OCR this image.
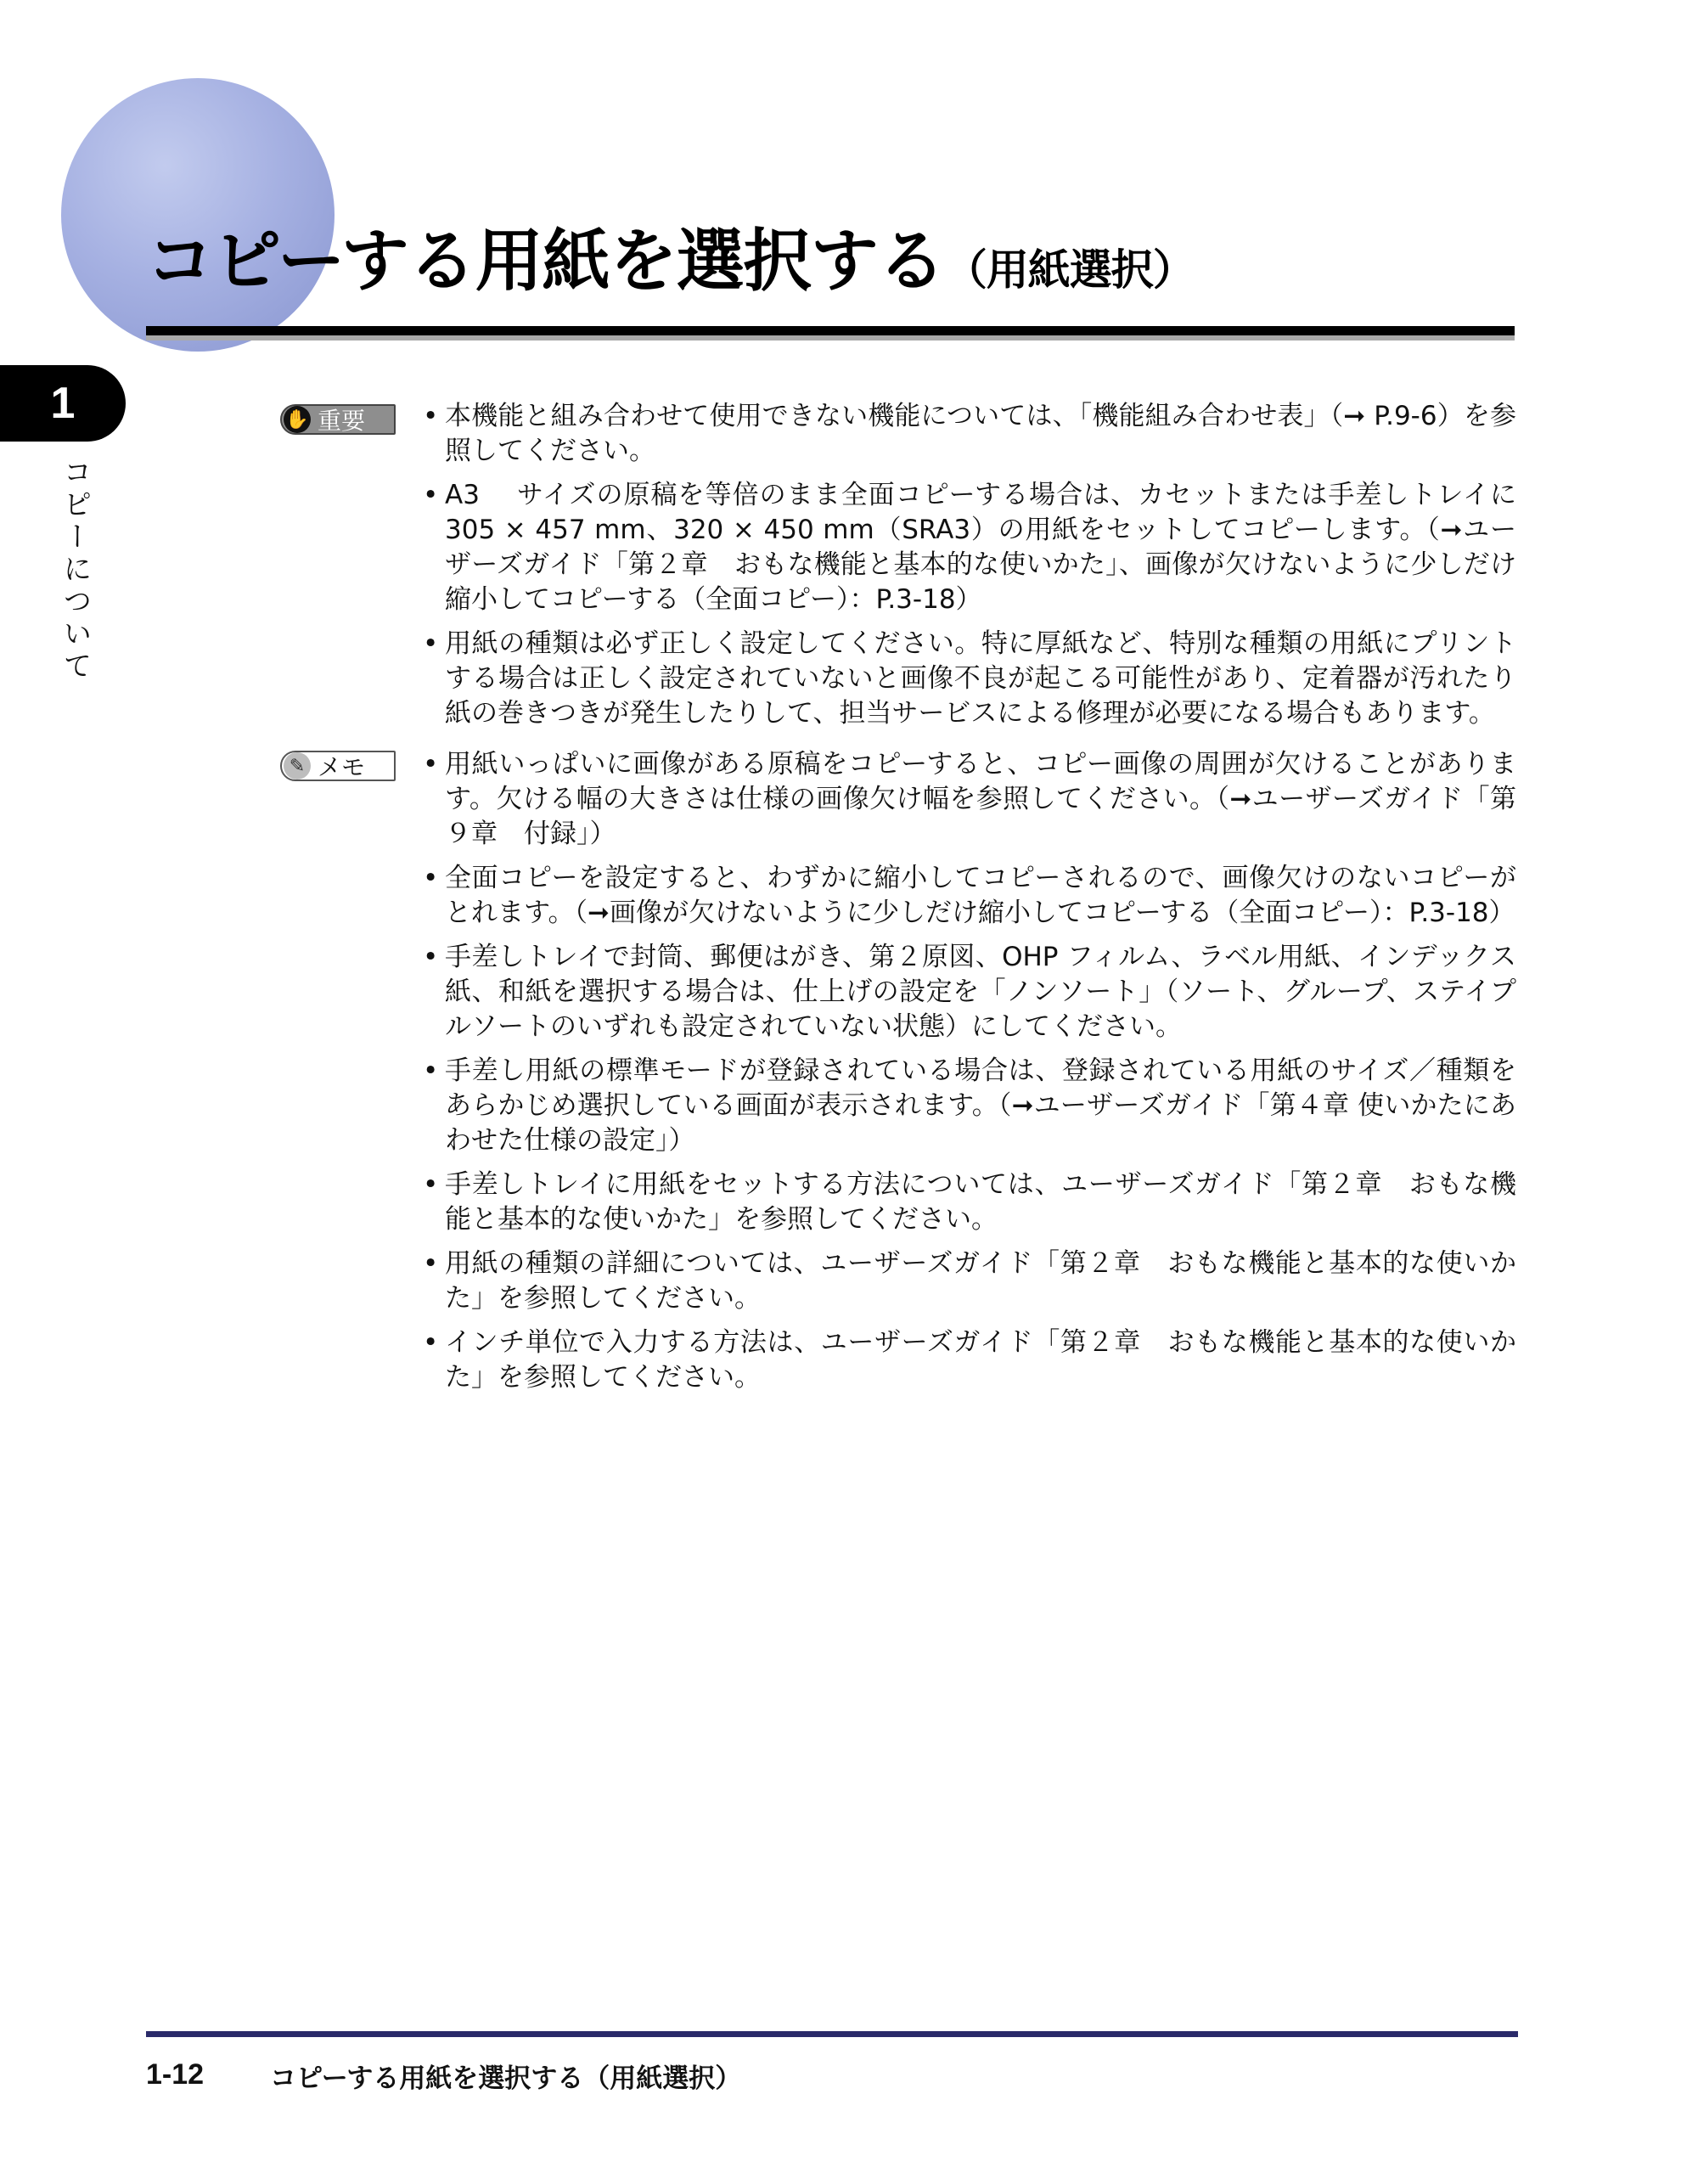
コピーする用紙を選択する（用紙選択）
1
コピーについて
✋ 重要	• 本機能と組み合わせて使用できない機能については、「機能組み合わせ表」（➞ P.9-6）を参照してください。
• A3　 サイズの原稿を等倍のまま全面コピーする場合は、カセットまたは手差しトレイに305 × 457 mm、320 × 450 mm（SRA3）の用紙をセットしてコピーします。（➞ユーザーズガイド「第２章　おもな機能と基本的な使いかた」、画像が欠けないように少しだけ縮小してコピーする（全面コピー）：P.3-18）
• 用紙の種類は必ず正しく設定してください。特に厚紙など、特別な種類の用紙にプリントする場合は正しく設定されていないと画像不良が起こる可能性があり、定着器が汚れたり紙の巻きつきが発生したりして、担当サービスによる修理が必要になる場合もあります。
✎ メモ	• 用紙いっぱいに画像がある原稿をコピーすると、コピー画像の周囲が欠けることがあります。欠ける幅の大きさは仕様の画像欠け幅を参照してください。（➞ユーザーズガイド「第９章　付録」）
• 全面コピーを設定すると、わずかに縮小してコピーされるので、画像欠けのないコピーがとれます。（➞画像が欠けないように少しだけ縮小してコピーする（全面コピー）：P.3-18）
• 手差しトレイで封筒、郵便はがき、第２原図、OHP フィルム、ラベル用紙、インデックス紙、和紙を選択する場合は、仕上げの設定を「ノンソート」（ソート、グループ、ステイプルソートのいずれも設定されていない状態）にしてください。
• 手差し用紙の標準モードが登録されている場合は、登録されている用紙のサイズ／種類をあらかじめ選択している画面が表示されます。（➞ユーザーズガイド「第４章 使いかたにあわせた仕様の設定」）
• 手差しトレイに用紙をセットする方法については、ユーザーズガイド「第２章　おもな機能と基本的な使いかた」を参照してください。
• 用紙の種類の詳細については、ユーザーズガイド「第２章　おもな機能と基本的な使いかた」を参照してください。
• インチ単位で入力する方法は、ユーザーズガイド「第２章　おもな機能と基本的な使いかた」を参照してください。
1-12	コピーする用紙を選択する（用紙選択）
